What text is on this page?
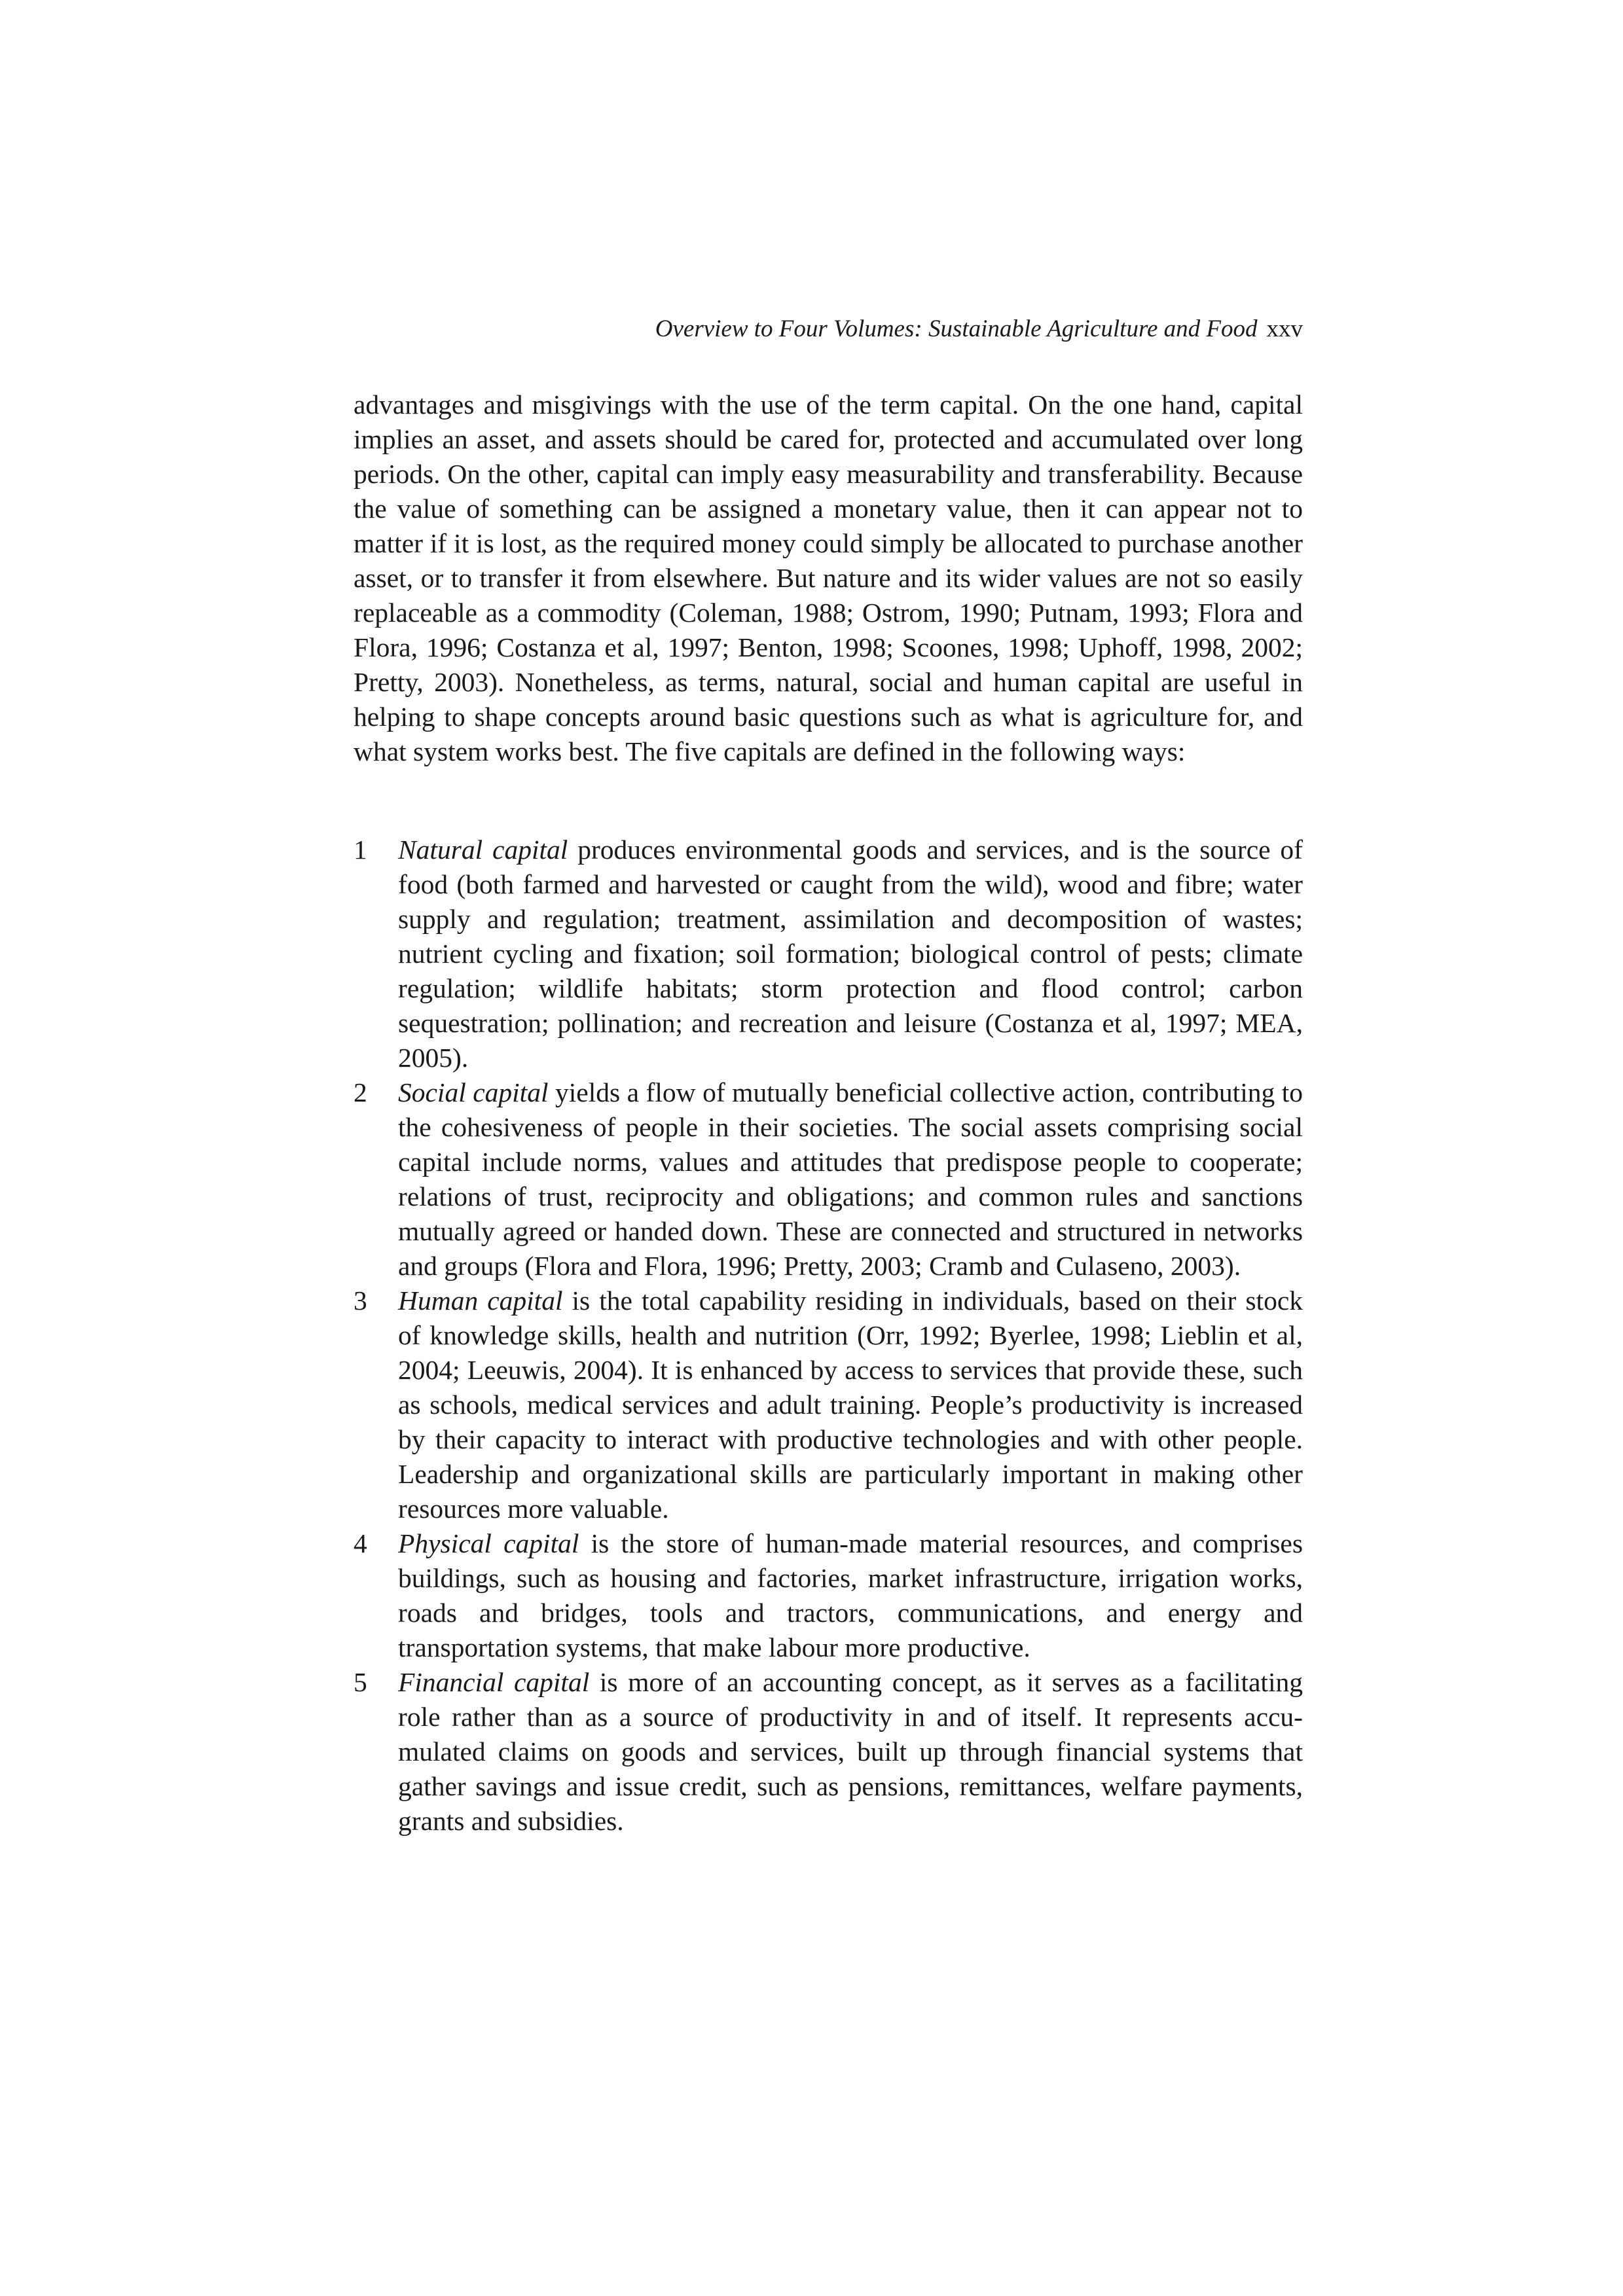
Overview to Four Volumes: Sustainable Agriculture and Food xxv

advantages and misgivings with the use of the term capital. On the one hand, capital implies an asset, and assets should be cared for, protected and accumulated over long periods. On the other, capital can imply easy measurability and transferability. Because the value of something can be assigned a monetary value, then it can appear not to matter if it is lost, as the required money could simply be allocated to purchase another asset, or to transfer it from elsewhere. But nature and its wider values are not so easily replaceable as a commodity (Coleman, 1988; Ostrom, 1990; Putnam, 1993; Flora and Flora, 1996; Costanza et al, 1997; Benton, 1998; Scoones, 1998; Uphoff, 1998, 2002; Pretty, 2003). Nonetheless, as terms, natural, social and human capital are useful in helping to shape concepts around basic questions such as what is agriculture for, and what system works best. The five capitals are defined in the following ways:

1	Natural capital produces environmental goods and services, and is the source of food (both farmed and harvested or caught from the wild), wood and fibre; water supply and regulation; treatment, assimilation and decomposition of wastes; nutrient cycling and fixation; soil formation; biological control of pests; climate regulation; wildlife habitats; storm protection and flood control; carbon sequestration; pollination; and recreation and leisure (Costanza et al, 1997; MEA, 2005).
2	Social capital yields a flow of mutually beneficial collective action, contributing to the cohesiveness of people in their societies. The social assets comprising social capital include norms, values and attitudes that predispose people to cooperate; relations of trust, reciprocity and obligations; and common rules and sanctions mutually agreed or handed down. These are connected and structured in networks and groups (Flora and Flora, 1996; Pretty, 2003; Cramb and Culaseno, 2003).
3	Human capital is the total capability residing in individuals, based on their stock of knowledge skills, health and nutrition (Orr, 1992; Byerlee, 1998; Lieblin et al, 2004; Leeuwis, 2004). It is enhanced by access to services that provide these, such as schools, medical services and adult training. People’s productivity is increased by their capacity to interact with productive technologies and with other people. Leadership and organizational skills are particularly important in making other resources more valuable.
4	Physical capital is the store of human-made material resources, and comprises buildings, such as housing and factories, market infrastructure, irrigation works, roads and bridges, tools and tractors, communications, and energy and transportation systems, that make labour more productive.
5	Financial capital is more of an accounting concept, as it serves as a facilitating role rather than as a source of productivity in and of itself. It represents accumulated claims on goods and services, built up through financial systems that gather savings and issue credit, such as pensions, remittances, welfare payments, grants and subsidies.
